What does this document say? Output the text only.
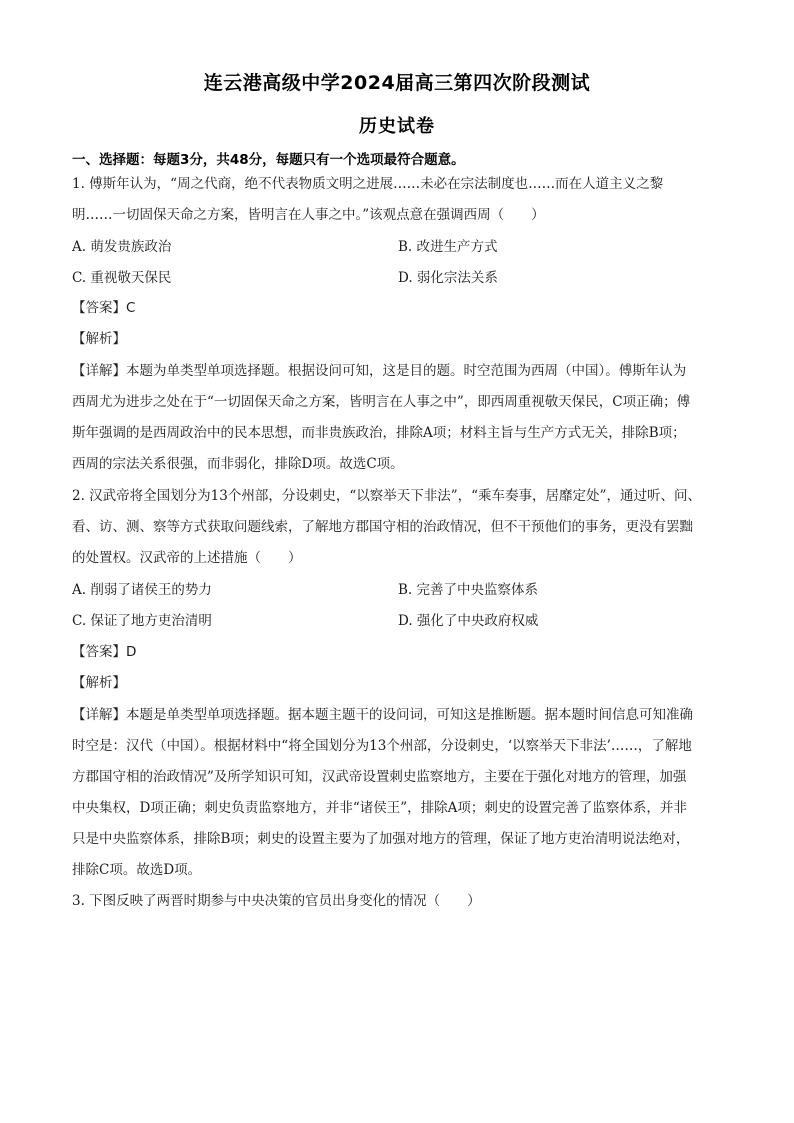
连云港高级中学2024届高三第四次阶段测试
历史试卷
一、选择题：每题3分，共48分，每题只有一个选项最符合题意。
1. 傅斯年认为，“周之代商，绝不代表物质文明之进展……未必在宗法制度也……而在人道主义之黎
明……一切固保天命之方案，皆明言在人事之中。”该观点意在强调西周（　　）
A. 萌发贵族政治	B. 改进生产方式
C. 重视敬天保民	D. 弱化宗法关系
【答案】C
【解析】
【详解】本题为单类型单项选择题。根据设问可知，这是目的题。时空范围为西周（中国）。傅斯年认为
西周尤为进步之处在于“一切固保天命之方案，皆明言在人事之中”，即西周重视敬天保民，C项正确；傅
斯年强调的是西周政治中的民本思想，而非贵族政治，排除A项；材料主旨与生产方式无关，排除B项；
西周的宗法关系很强，而非弱化，排除D项。故选C项。
2. 汉武帝将全国划分为13个州部，分设刺史，“以察举天下非法”，“乘车奏事，居靡定处”，通过听、问、
看、访、测、察等方式获取问题线索，了解地方郡国守相的治政情况，但不干预他们的事务，更没有罢黜
的处置权。汉武帝的上述措施（　　）
A. 削弱了诸侯王的势力	B. 完善了中央监察体系
C. 保证了地方吏治清明	D. 强化了中央政府权威
【答案】D
【解析】
【详解】本题是单类型单项选择题。据本题主题干的设问词，可知这是推断题。据本题时间信息可知准确
时空是：汉代（中国）。根据材料中“将全国划分为13个州部，分设刺史，‘以察举天下非法’……，了解地
方郡国守相的治政情况”及所学知识可知，汉武帝设置刺史监察地方，主要在于强化对地方的管理，加强
中央集权，D项正确；刺史负责监察地方，并非“诸侯王”，排除A项；刺史的设置完善了监察体系，并非
只是中央监察体系，排除B项；刺史的设置主要为了加强对地方的管理，保证了地方吏治清明说法绝对，
排除C项。故选D项。
3. 下图反映了两晋时期参与中央决策的官员出身变化的情况（　　）
